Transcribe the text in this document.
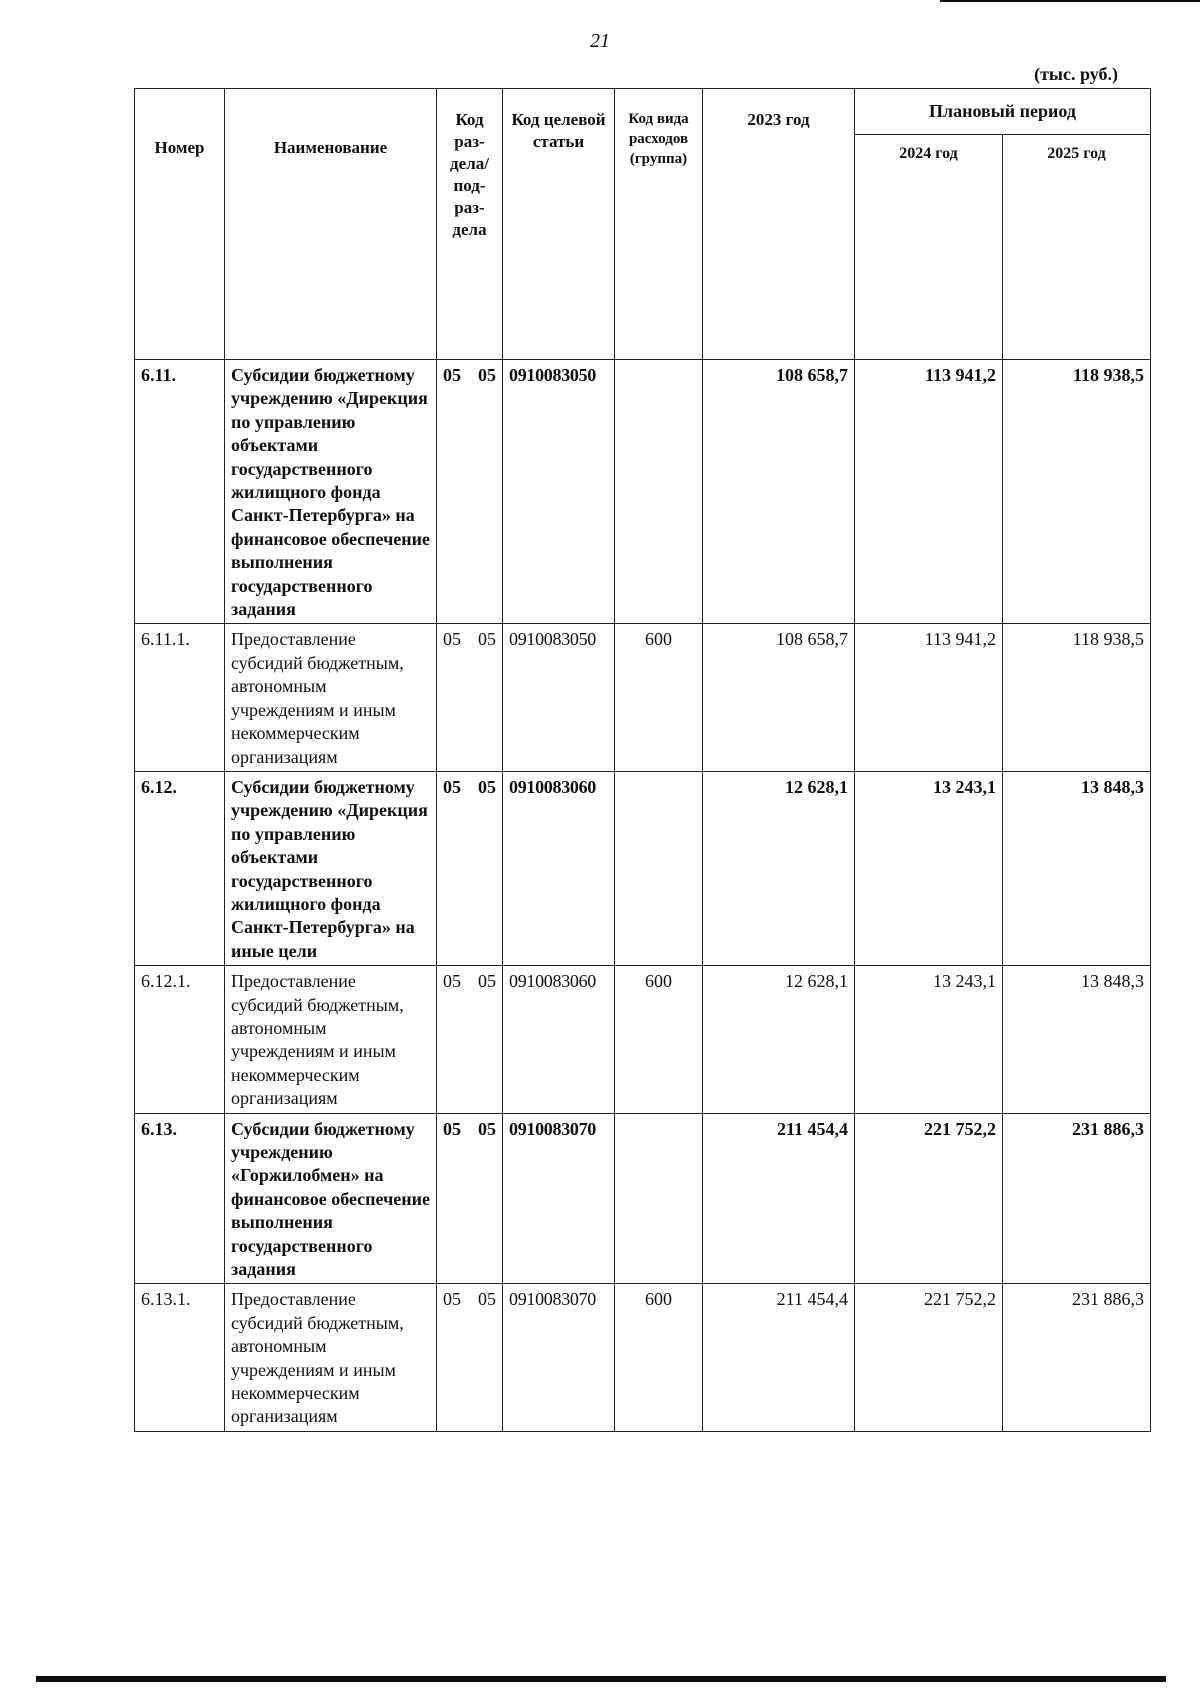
21
(тыс. руб.)
Номер	Наименование	Код раз-дела/ под-раз-дела	Код целевой статьи	Код вида расходов (группа)	2023 год	Плановый период	
						2024 год	2025 год
6.11.	Субсидии бюджетному учреждению «Дирекция по управлению объектами государственного жилищного фонда Санкт-Петербурга» на финансовое обеспечение выполнения государственного задания	05 05	0910083050		108 658,7	113 941,2	118 938,5
6.11.1.	Предоставление субсидий бюджетным, автономным учреждениям и иным некоммерческим организациям	05 05	0910083050	600	108 658,7	113 941,2	118 938,5
6.12.	Субсидии бюджетному учреждению «Дирекция по управлению объектами государственного жилищного фонда Санкт-Петербурга» на иные цели	05 05	0910083060		12 628,1	13 243,1	13 848,3
6.12.1.	Предоставление субсидий бюджетным, автономным учреждениям и иным некоммерческим организациям	05 05	0910083060	600	12 628,1	13 243,1	13 848,3
6.13.	Субсидии бюджетному учреждению «Горжилобмен» на финансовое обеспечение выполнения государственного задания	05 05	0910083070		211 454,4	221 752,2	231 886,3
6.13.1.	Предоставление субсидий бюджетным, автономным учреждениям и иным некоммерческим организациям	05 05	0910083070	600	211 454,4	221 752,2	231 886,3
